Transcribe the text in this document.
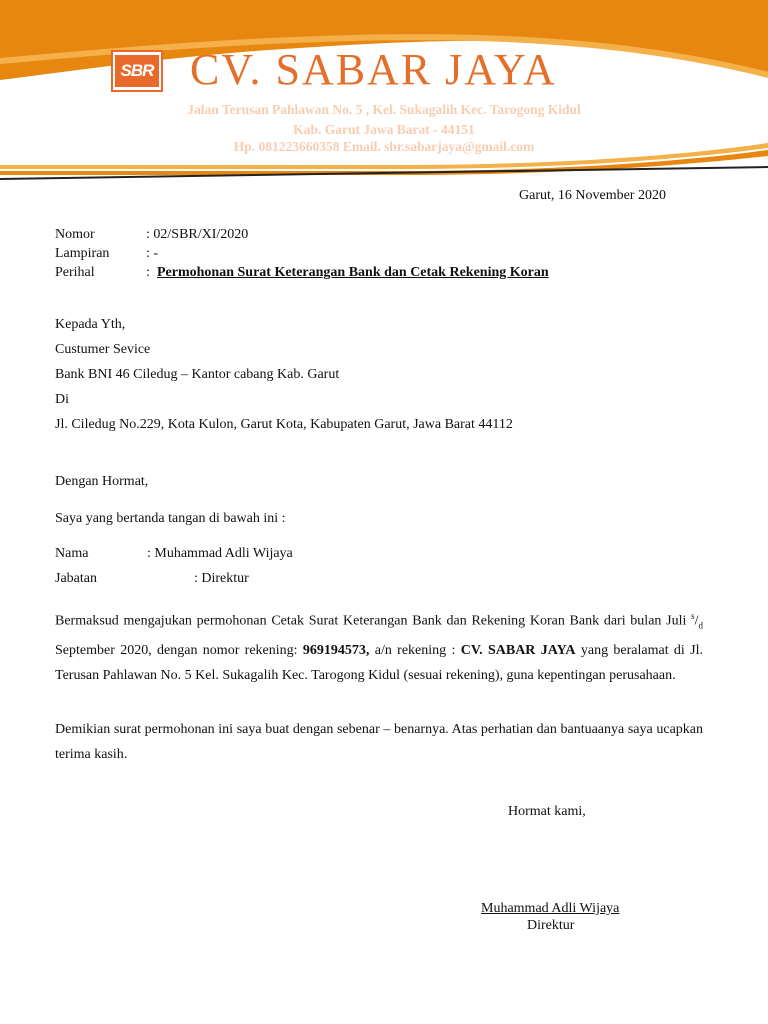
SBR CV. SABAR JAYA
Jalan Terusan Pahlawan No. 5 , Kel. Sukagalih Kec. Tarogong Kidul
Kab. Garut Jawa Barat - 44151
Hp. 081223660358 Email. sbr.sabarjaya@gmail.com
Garut, 16 November 2020
Nomor	: 02/SBR/XI/2020
Lampiran	: -
Perihal	: Permohonan Surat Keterangan Bank dan Cetak Rekening Koran
Kepada Yth,
Custumer Sevice
Bank BNI 46 Ciledug – Kantor cabang Kab. Garut
Di
Jl. Ciledug No.229, Kota Kulon, Garut Kota, Kabupaten Garut, Jawa Barat 44112
Dengan Hormat,
Saya yang bertanda tangan di bawah ini :
Nama	: Muhammad Adli Wijaya
Jabatan	: Direktur
Bermaksud mengajukan permohonan Cetak Surat Keterangan Bank dan Rekening Koran Bank dari bulan Juli $^s/_d$ September 2020, dengan nomor rekening: 969194573, a/n rekening : CV. SABAR JAYA yang beralamat di Jl. Terusan Pahlawan No. 5 Kel. Sukagalih Kec. Tarogong Kidul (sesuai rekening), guna kepentingan perusahaan.
Demikian surat permohonan ini saya buat dengan sebenar – benarnya. Atas perhatian dan bantuaanya saya ucapkan terima kasih.
Hormat kami,
Muhammad Adli Wijaya
Direktur
